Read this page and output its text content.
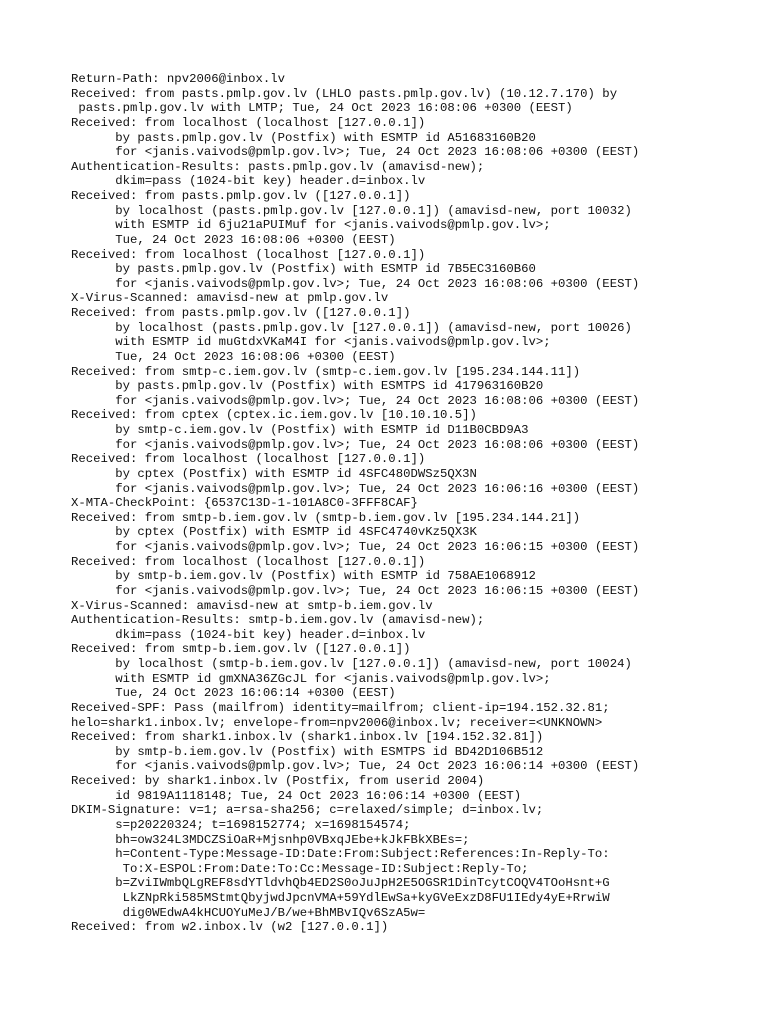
Return-Path: npv2006@inbox.lv
Received: from pasts.pmlp.gov.lv (LHLO pasts.pmlp.gov.lv) (10.12.7.170) by
pasts.pmlp.gov.lv with LMTP; Tue, 24 Oct 2023 16:08:06 +0300 (EEST)
Received: from localhost (localhost [127.0.0.1])
by pasts.pmlp.gov.lv (Postfix) with ESMTP id A51683160B20
for <janis.vaivods@pmlp.gov.lv>; Tue, 24 Oct 2023 16:08:06 +0300 (EEST)
Authentication-Results: pasts.pmlp.gov.lv (amavisd-new);
dkim=pass (1024-bit key) header.d=inbox.lv
Received: from pasts.pmlp.gov.lv ([127.0.0.1])
by localhost (pasts.pmlp.gov.lv [127.0.0.1]) (amavisd-new, port 10032)
with ESMTP id 6ju21aPUIMuf for <janis.vaivods@pmlp.gov.lv>;
Tue, 24 Oct 2023 16:08:06 +0300 (EEST)
Received: from localhost (localhost [127.0.0.1])
by pasts.pmlp.gov.lv (Postfix) with ESMTP id 7B5EC3160B60
for <janis.vaivods@pmlp.gov.lv>; Tue, 24 Oct 2023 16:08:06 +0300 (EEST)
X-Virus-Scanned: amavisd-new at pmlp.gov.lv
Received: from pasts.pmlp.gov.lv ([127.0.0.1])
by localhost (pasts.pmlp.gov.lv [127.0.0.1]) (amavisd-new, port 10026)
with ESMTP id muGtdxVKaM4I for <janis.vaivods@pmlp.gov.lv>;
Tue, 24 Oct 2023 16:08:06 +0300 (EEST)
Received: from smtp-c.iem.gov.lv (smtp-c.iem.gov.lv [195.234.144.11])
by pasts.pmlp.gov.lv (Postfix) with ESMTPS id 417963160B20
for <janis.vaivods@pmlp.gov.lv>; Tue, 24 Oct 2023 16:08:06 +0300 (EEST)
Received: from cptex (cptex.ic.iem.gov.lv [10.10.10.5])
by smtp-c.iem.gov.lv (Postfix) with ESMTP id D11B0CBD9A3
for <janis.vaivods@pmlp.gov.lv>; Tue, 24 Oct 2023 16:08:06 +0300 (EEST)
Received: from localhost (localhost [127.0.0.1])
by cptex (Postfix) with ESMTP id 4SFC480DWSz5QX3N
for <janis.vaivods@pmlp.gov.lv>; Tue, 24 Oct 2023 16:06:16 +0300 (EEST)
X-MTA-CheckPoint: {6537C13D-1-101A8C0-3FFF8CAF}
Received: from smtp-b.iem.gov.lv (smtp-b.iem.gov.lv [195.234.144.21])
by cptex (Postfix) with ESMTP id 4SFC4740vKz5QX3K
for <janis.vaivods@pmlp.gov.lv>; Tue, 24 Oct 2023 16:06:15 +0300 (EEST)
Received: from localhost (localhost [127.0.0.1])
by smtp-b.iem.gov.lv (Postfix) with ESMTP id 758AE1068912
for <janis.vaivods@pmlp.gov.lv>; Tue, 24 Oct 2023 16:06:15 +0300 (EEST)
X-Virus-Scanned: amavisd-new at smtp-b.iem.gov.lv
Authentication-Results: smtp-b.iem.gov.lv (amavisd-new);
dkim=pass (1024-bit key) header.d=inbox.lv
Received: from smtp-b.iem.gov.lv ([127.0.0.1])
by localhost (smtp-b.iem.gov.lv [127.0.0.1]) (amavisd-new, port 10024)
with ESMTP id gmXNA36ZGcJL for <janis.vaivods@pmlp.gov.lv>;
Tue, 24 Oct 2023 16:06:14 +0300 (EEST)
Received-SPF: Pass (mailfrom) identity=mailfrom; client-ip=194.152.32.81;
helo=shark1.inbox.lv; envelope-from=npv2006@inbox.lv; receiver=<UNKNOWN>
Received: from shark1.inbox.lv (shark1.inbox.lv [194.152.32.81])
by smtp-b.iem.gov.lv (Postfix) with ESMTPS id BD42D106B512
for <janis.vaivods@pmlp.gov.lv>; Tue, 24 Oct 2023 16:06:14 +0300 (EEST)
Received: by shark1.inbox.lv (Postfix, from userid 2004)
id 9819A1118148; Tue, 24 Oct 2023 16:06:14 +0300 (EEST)
DKIM-Signature: v=1; a=rsa-sha256; c=relaxed/simple; d=inbox.lv;
s=p20220324; t=1698152774; x=1698154574;
bh=ow324L3MDCZSiOaR+Mjsnhp0VBxqJEbe+kJkFBkXBEs=;
h=Content-Type:Message-ID:Date:From:Subject:References:In-Reply-To:
To:X-ESPOL:From:Date:To:Cc:Message-ID:Subject:Reply-To;
b=ZviIWmbQLgREF8sdYTldvhQb4ED2S0oJuJpH2E5OGSR1DinTcytCOQV4TOoHsnt+G
LkZNpRki585MStmtQbyjwdJpcnVMA+59YdlEwSa+kyGVeExzD8FU1IEdy4yE+RrwiW
dig0WEdwA4kHCUOYuMeJ/B/we+BhMBvIQv6SzA5w=
Received: from w2.inbox.lv (w2 [127.0.0.1])
